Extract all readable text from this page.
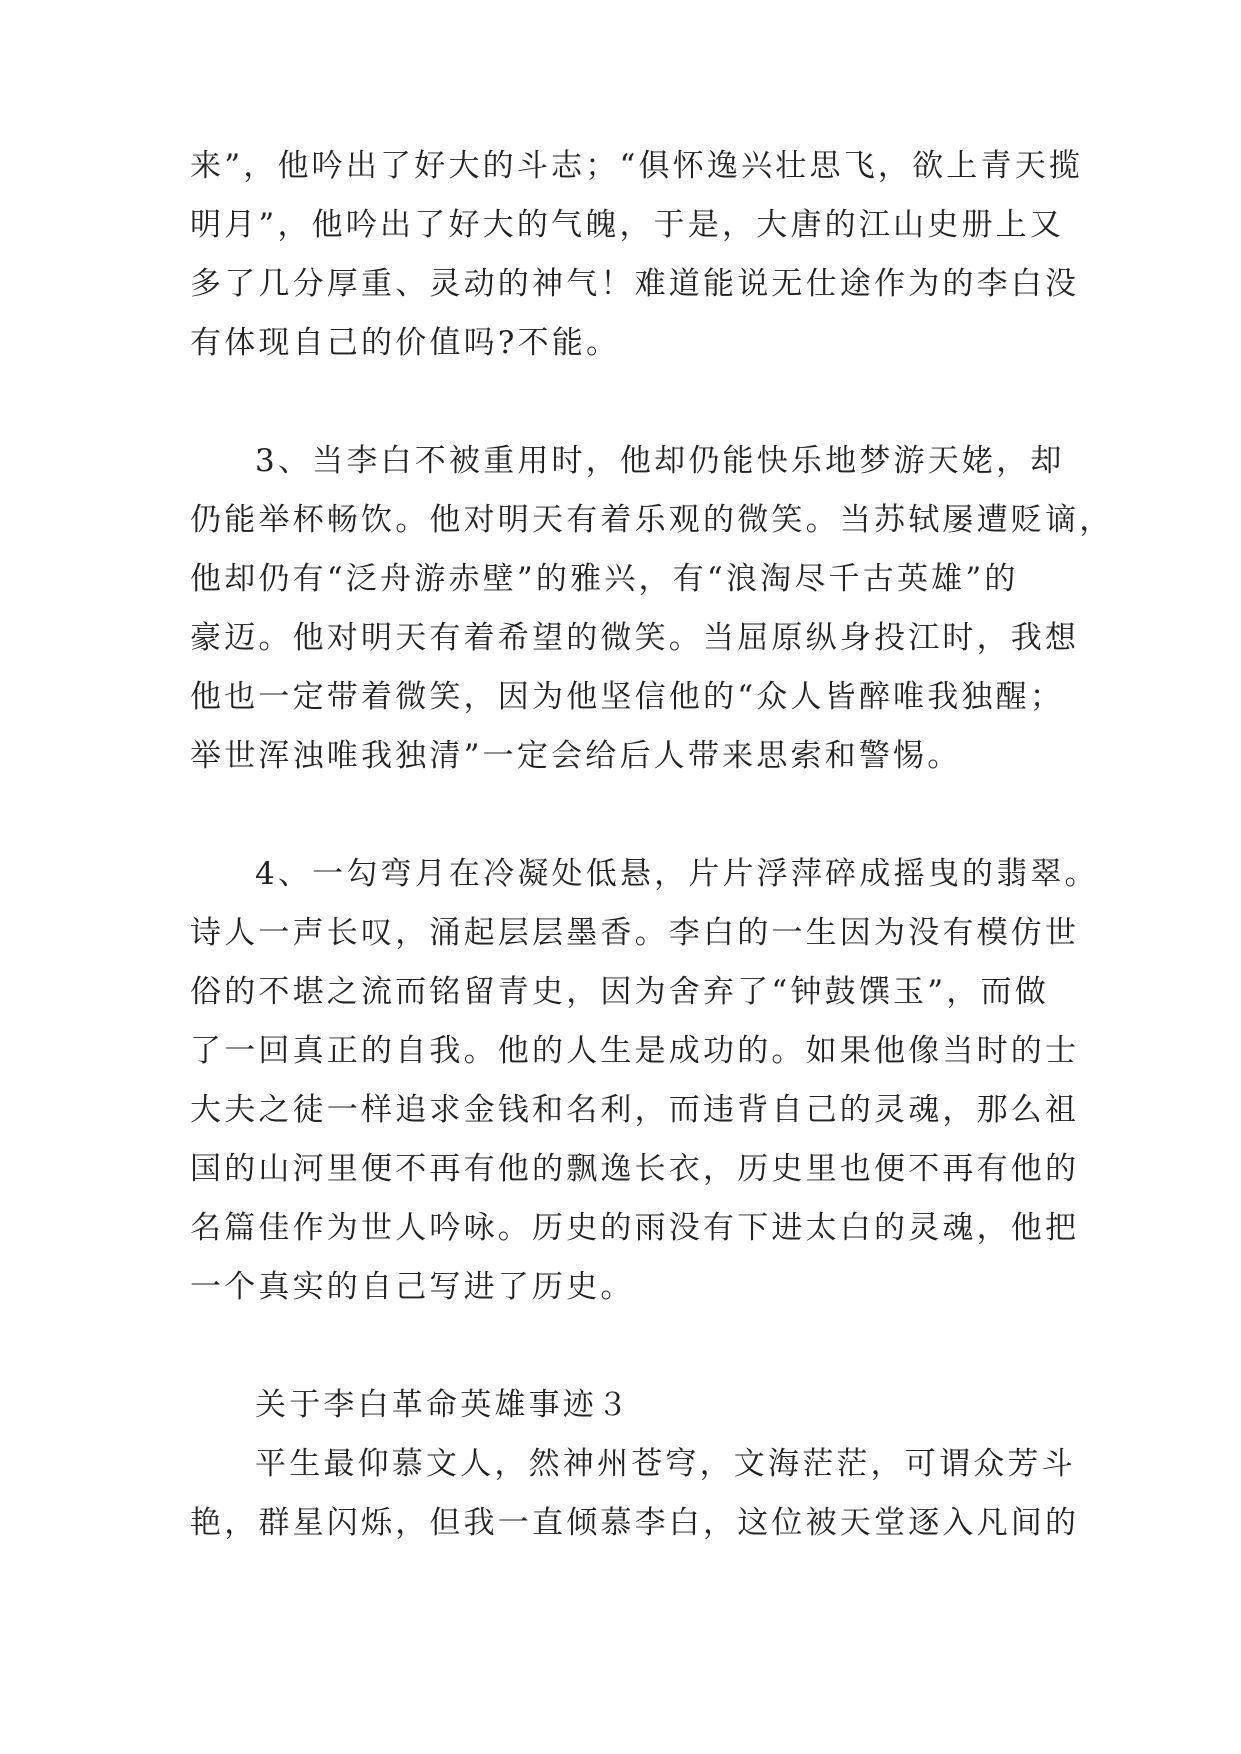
来”，他吟出了好大的斗志；“俱怀逸兴壮思飞，欲上青天揽
明月”，他吟出了好大的气魄，于是，大唐的江山史册上又
多了几分厚重、灵动的神气！难道能说无仕途作为的李白没
有体现自己的价值吗?不能。
3、当李白不被重用时，他却仍能快乐地梦游天姥，却
仍能举杯畅饮。他对明天有着乐观的微笑。当苏轼屡遭贬谪，
他却仍有“泛舟游赤壁”的雅兴，有“浪淘尽千古英雄”的
豪迈。他对明天有着希望的微笑。当屈原纵身投江时，我想
他也一定带着微笑，因为他坚信他的“众人皆醉唯我独醒；
举世浑浊唯我独清”一定会给后人带来思索和警惕。
4、一勾弯月在冷凝处低悬，片片浮萍碎成摇曳的翡翠。
诗人一声长叹，涌起层层墨香。李白的一生因为没有模仿世
俗的不堪之流而铭留青史，因为舍弃了“钟鼓馔玉”，而做
了一回真正的自我。他的人生是成功的。如果他像当时的士
大夫之徒一样追求金钱和名利，而违背自己的灵魂，那么祖
国的山河里便不再有他的飘逸长衣，历史里也便不再有他的
名篇佳作为世人吟咏。历史的雨没有下进太白的灵魂，他把
一个真实的自己写进了历史。
关于李白革命英雄事迹３
平生最仰慕文人，然神州苍穹，文海茫茫，可谓众芳斗
艳，群星闪烁，但我一直倾慕李白，这位被天堂逐入凡间的
